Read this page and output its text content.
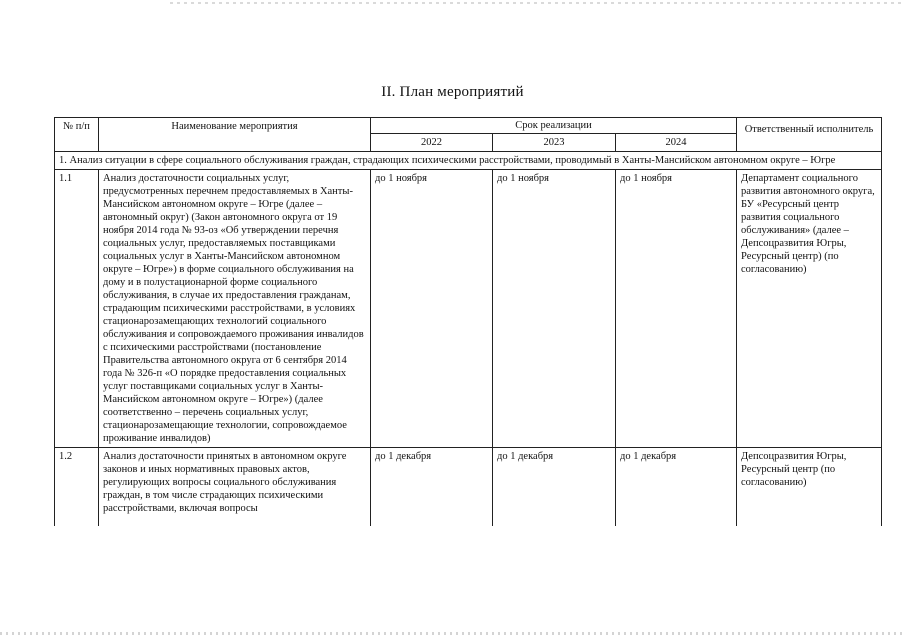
II. План мероприятий
№ п/п	Наименование мероприятия	Срок реализации			Ответственный исполнитель
		2022	2023	2024	
1. Анализ ситуации в сфере социального обслуживания граждан, страдающих психическими расстройствами, проводимый в Ханты-Мансийском автономном округе – Югре					
1.1	Анализ достаточности социальных услуг, предусмотренных перечнем предоставляемых в Ханты-Мансийском автономном округе – Югре (далее – автономный округ) (Закон автономного округа от 19 ноября 2014 года № 93-оз «Об утверждении перечня социальных услуг, предоставляемых поставщиками социальных услуг в Ханты-Мансийском автономном округе – Югре») в форме социального обслуживания на дому и в полустационарной форме социального обслуживания, в случае их предоставления гражданам, страдающим психическими расстройствами, в условиях стационарозамещающих технологий социального обслуживания и сопровождаемого проживания инвалидов с психическими расстройствами (постановление Правительства автономного округа от 6 сентября 2014 года № 326-п «О порядке предоставления социальных услуг поставщиками социальных услуг в Ханты-Мансийском автономном округе – Югре») (далее соответственно – перечень социальных услуг, стационарозамещающие технологии, сопровождаемое проживание инвалидов)	до 1 ноября	до 1 ноября	до 1 ноября	Департамент социального развития автономного округа, БУ «Ресурсный центр развития социального обслуживания» (далее – Депсоцразвития Югры, Ресурсный центр) (по согласованию)
1.2	Анализ достаточности принятых в автономном округе законов и иных нормативных правовых актов, регулирующих вопросы социального обслуживания граждан, в том числе страдающих психическими расстройствами, включая вопросы	до 1 декабря	до 1 декабря	до 1 декабря	Депсоцразвития Югры, Ресурсный центр (по согласованию)
